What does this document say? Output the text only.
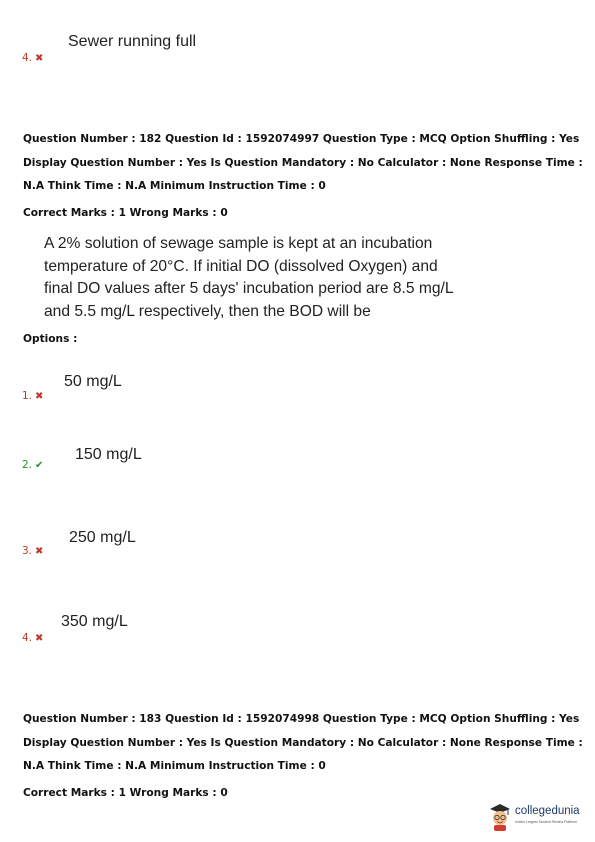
Sewer running full
4. ✖
Question Number : 182 Question Id : 1592074997 Question Type : MCQ Option Shuffling : Yes Display Question Number : Yes Is Question Mandatory : No Calculator : None Response Time : N.A Think Time : N.A Minimum Instruction Time : 0
Correct Marks : 1 Wrong Marks : 0
A 2% solution of sewage sample is kept at an incubation temperature of 20°C. If initial DO (dissolved Oxygen) and final DO values after 5 days' incubation period are 8.5 mg/L and 5.5 mg/L respectively, then the BOD will be
Options :
50 mg/L
1. ✖
150 mg/L
2. ✔
250 mg/L
3. ✖
350 mg/L
4. ✖
Question Number : 183 Question Id : 1592074998 Question Type : MCQ Option Shuffling : Yes Display Question Number : Yes Is Question Mandatory : No Calculator : None Response Time : N.A Think Time : N.A Minimum Instruction Time : 0
Correct Marks : 1 Wrong Marks : 0
collegedunia
India's Largest Student Review Platform
